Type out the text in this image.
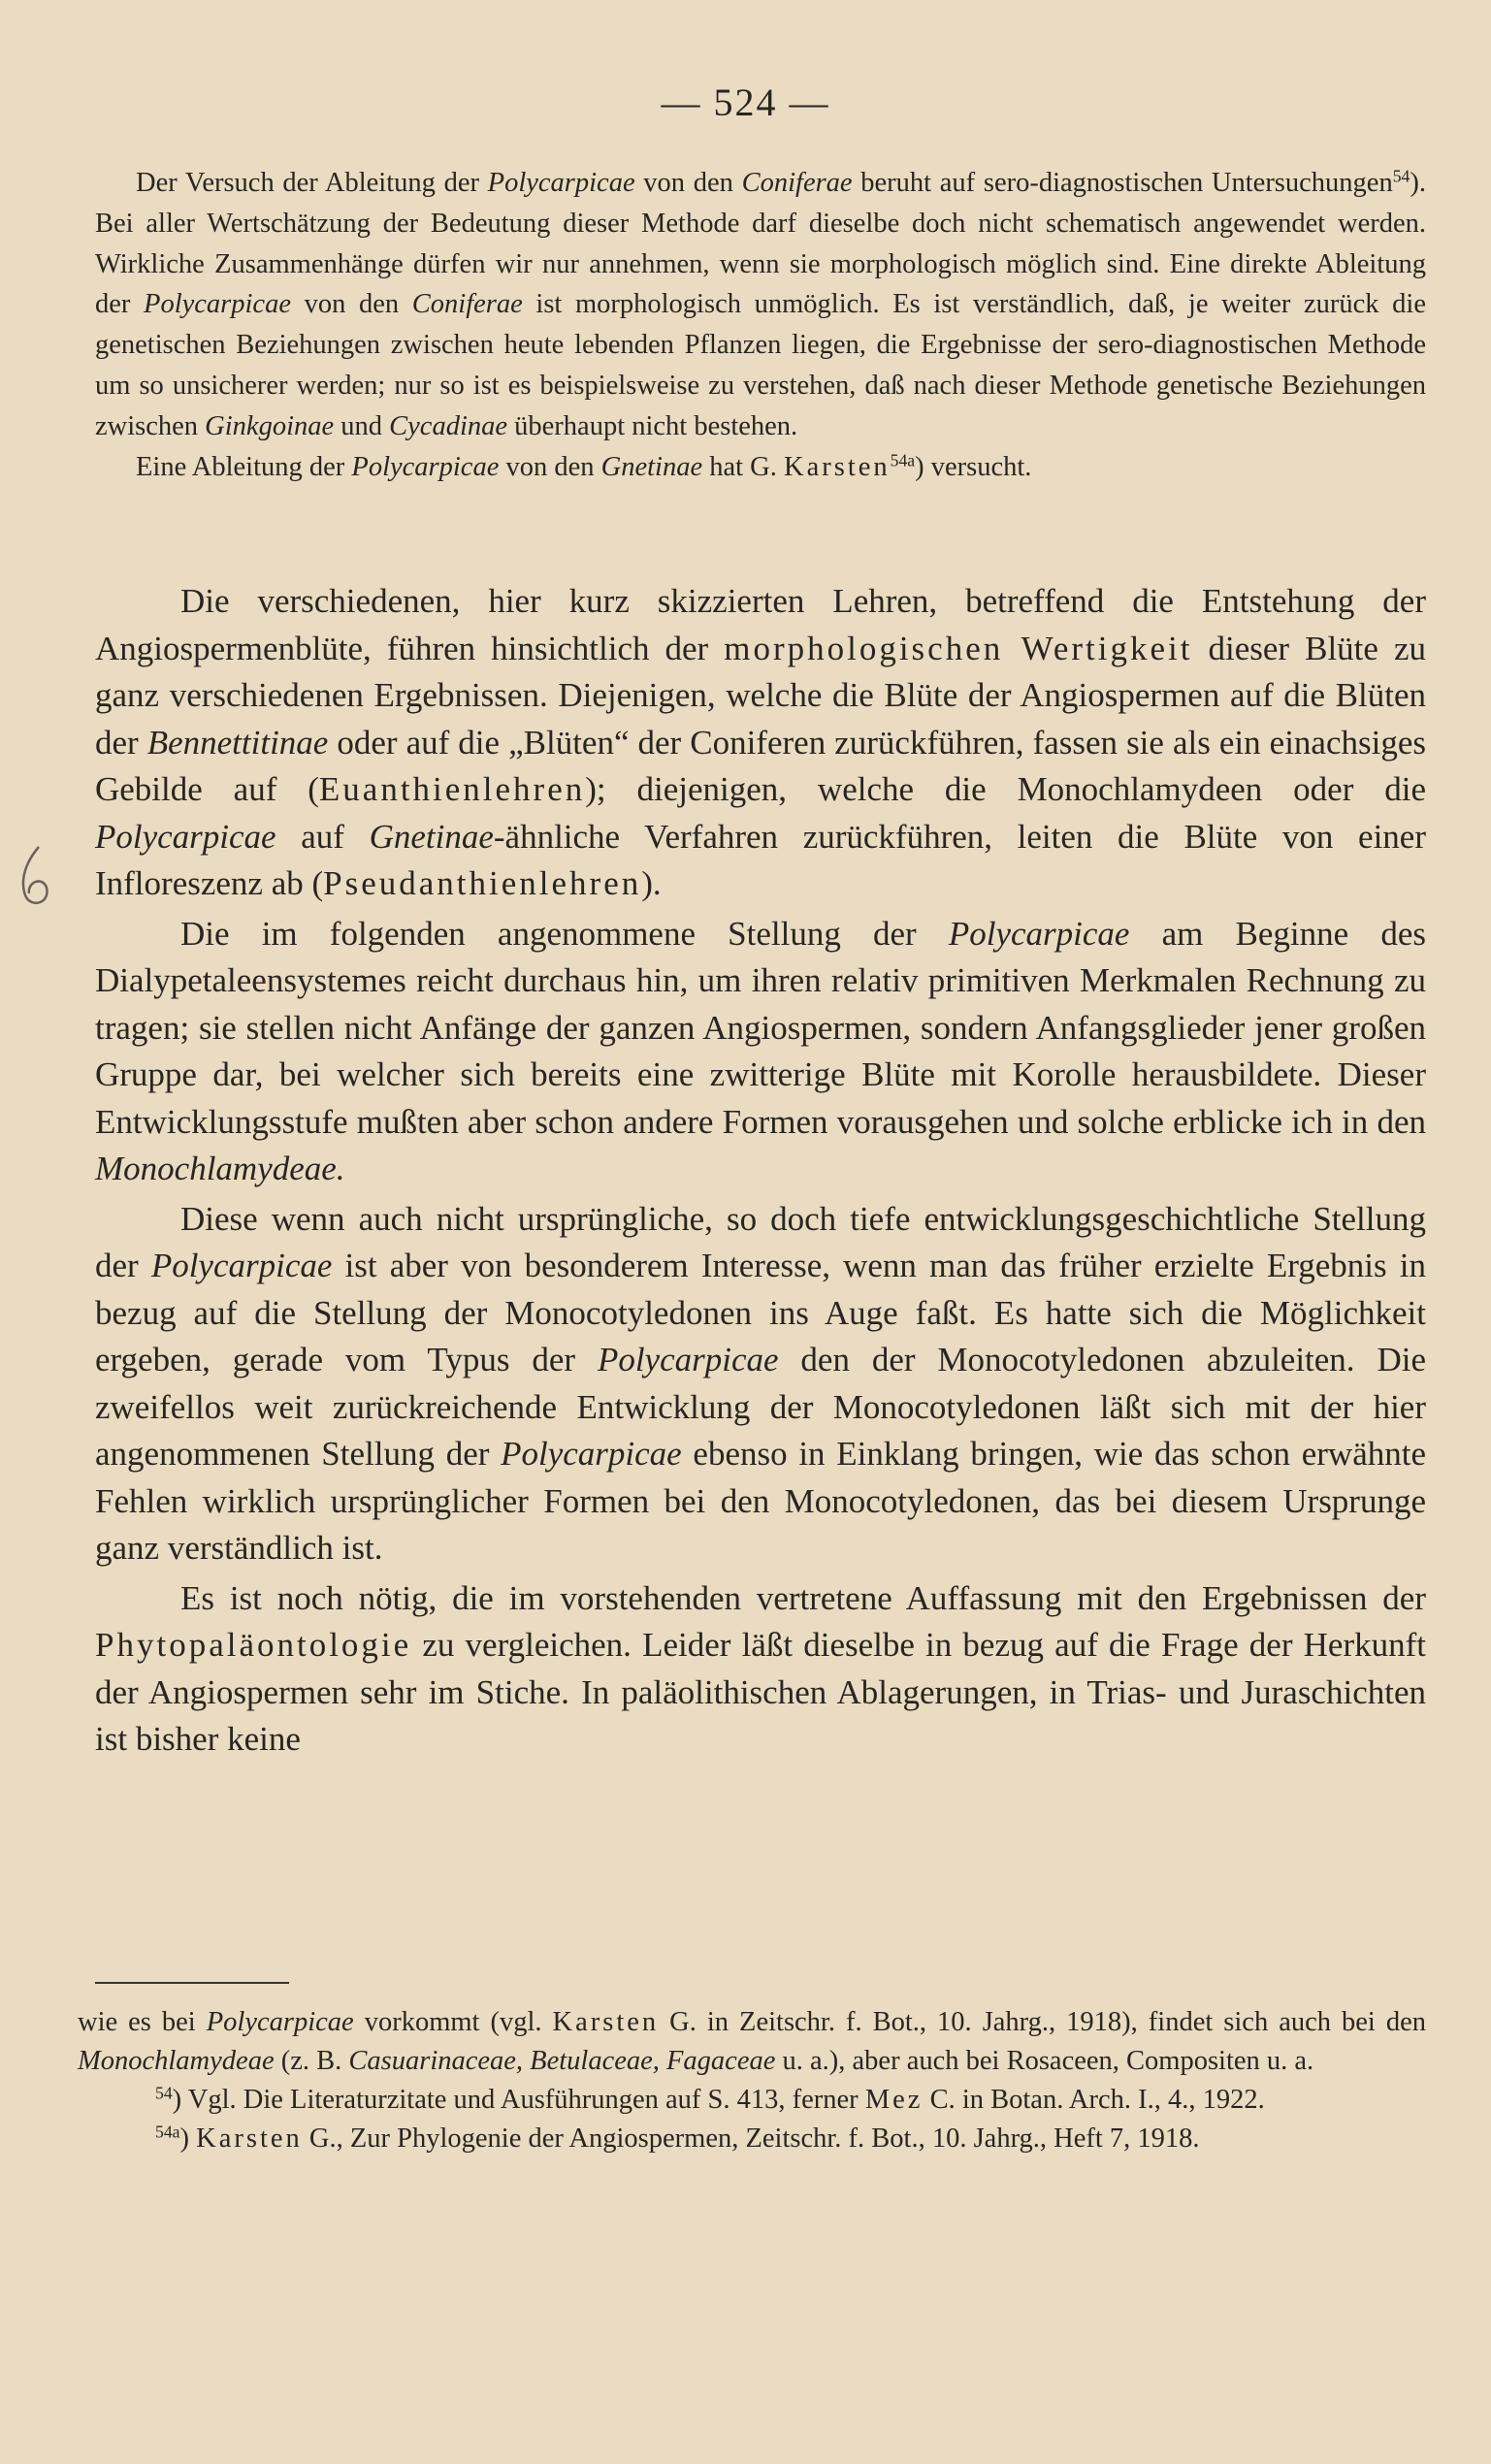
— 524 —

Der Versuch der Ableitung der Polycarpicae von den Coniferae beruht auf sero-diagnostischen Untersuchungen$^{54}$). Bei aller Wertschätzung der Bedeutung dieser Methode darf dieselbe doch nicht schematisch angewendet werden. Wirkliche Zusammenhänge dürfen wir nur annehmen, wenn sie morphologisch möglich sind. Eine direkte Ableitung der Polycarpicae von den Coniferae ist morphologisch unmöglich. Es ist verständlich, daß, je weiter zurück die genetischen Beziehungen zwischen heute lebenden Pflanzen liegen, die Ergebnisse der sero-diagnostischen Methode um so unsicherer werden; nur so ist es beispielsweise zu verstehen, daß nach dieser Methode genetische Beziehungen zwischen Ginkgoinae und Cycadinae überhaupt nicht bestehen.

Eine Ableitung der Polycarpicae von den Gnetinae hat G. Karsten$^{54a}$) versucht.

Die verschiedenen, hier kurz skizzierten Lehren, betreffend die Entstehung der Angiospermenblüte, führen hinsichtlich der morphologischen Wertigkeit dieser Blüte zu ganz verschiedenen Ergebnissen. Diejenigen, welche die Blüte der Angiospermen auf die Blüten der Bennettitinae oder auf die „Blüten“ der Coniferen zurückführen, fassen sie als ein einachsiges Gebilde auf (Euanthienlehren); diejenigen, welche die Monochlamydeen oder die Polycarpicae auf Gnetinae-ähnliche Verfahren zurückführen, leiten die Blüte von einer Infloreszenz ab (Pseudanthienlehren).

Die im folgenden angenommene Stellung der Polycarpicae am Beginne des Dialypetaleensystemes reicht durchaus hin, um ihren relativ primitiven Merkmalen Rechnung zu tragen; sie stellen nicht Anfänge der ganzen Angiospermen, sondern Anfangsglieder jener großen Gruppe dar, bei welcher sich bereits eine zwitterige Blüte mit Korolle herausbildete. Dieser Entwicklungsstufe mußten aber schon andere Formen vorausgehen und solche erblicke ich in den Monochlamydeae.

Diese wenn auch nicht ursprüngliche, so doch tiefe entwicklungsgeschichtliche Stellung der Polycarpicae ist aber von besonderem Interesse, wenn man das früher erzielte Ergebnis in bezug auf die Stellung der Monocotyledonen ins Auge faßt. Es hatte sich die Möglichkeit ergeben, gerade vom Typus der Polycarpicae den der Monocotyledonen abzuleiten. Die zweifellos weit zurückreichende Entwicklung der Monocotyledonen läßt sich mit der hier angenommenen Stellung der Polycarpicae ebenso in Einklang bringen, wie das schon erwähnte Fehlen wirklich ursprünglicher Formen bei den Monocotyledonen, das bei diesem Ursprunge ganz verständlich ist.

Es ist noch nötig, die im vorstehenden vertretene Auffassung mit den Ergebnissen der Phytopaläontologie zu vergleichen. Leider läßt dieselbe in bezug auf die Frage der Herkunft der Angiospermen sehr im Stiche. In paläolithischen Ablagerungen, in Trias- und Juraschichten ist bisher keine

wie es bei Polycarpicae vorkommt (vgl. Karsten G. in Zeitschr. f. Bot., 10. Jahrg., 1918), findet sich auch bei den Monochlamydeae (z. B. Casuarinaceae, Betulaceae, Fagaceae u. a.), aber auch bei Rosaceen, Compositen u. a.

$^{54}$) Vgl. Die Literaturzitate und Ausführungen auf S. 413, ferner Mez C. in Botan. Arch. I., 4., 1922.

$^{54a}$) Karsten G., Zur Phylogenie der Angiospermen, Zeitschr. f. Bot., 10. Jahrg., Heft 7, 1918.
